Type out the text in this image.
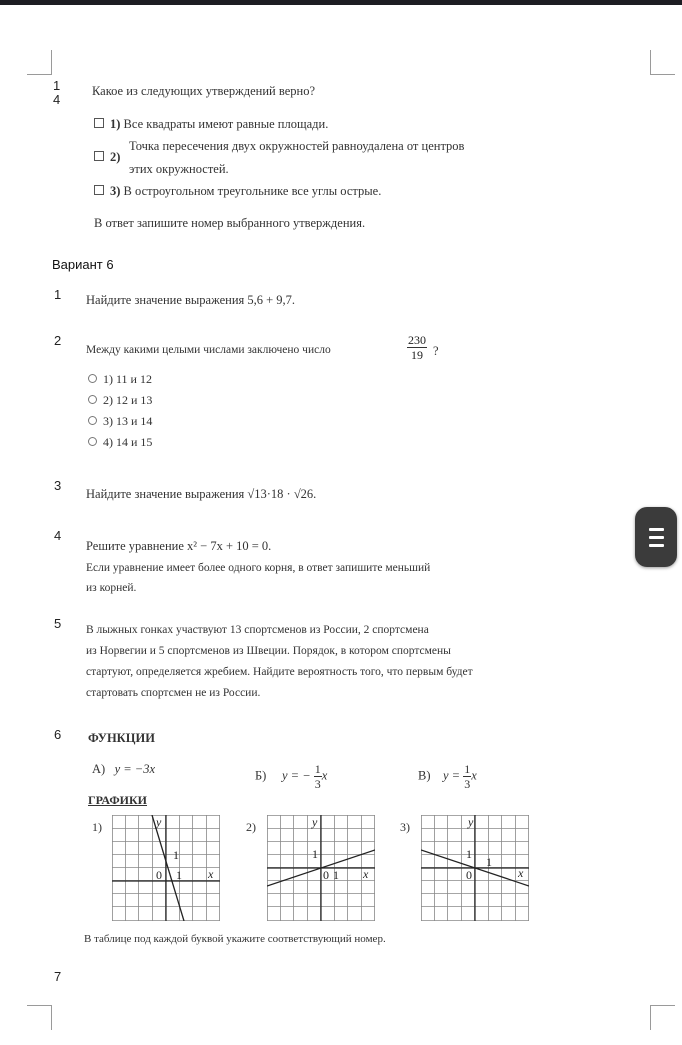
1
4
Какое из следующих утверждений верно?
1) Все квадраты имеют равные площади.
2)
Точка пересечения двух окружностей равноудалена от центров
этих окружностей.
3) В остроугольном треугольнике все углы острые.
В ответ запишите номер выбранного утверждения.
Вариант 6
1 Найдите значение выражения 5,6 + 9,7.
2
Между какими целыми числами заключено число	$\frac{230}{19}$ ?
1) 11 и 12
2) 12 и 13
3) 13 и 14
4) 14 и 15
3
Найдите значение выражения √13·18 · √26.
4
Решите уравнение x² − 7x + 10 = 0.
Если уравнение имеет более одного корня, в ответ запишите меньший
из корней.
5 В лыжных гонках участвуют 13 спортсменов из России, 2 спортсмена
из Норвегии и 5 спортсменов из Швеции. Порядок, в котором спортсмены
стартуют, определяется жребием. Найдите вероятность того, что первым будет
стартовать спортсмен не из России.
6 ФУНКЦИИ
А) y = −3x	Б) y = − $\frac{1}{3}$ x	В) $y = \frac{1}{3}$ x
ГРАФИКИ
1)	y
1
0 1 x
2)	y
1
0 1 x
3)	y
1
1
0	x
В таблице под каждой буквой укажите соответствующий номер.
7
